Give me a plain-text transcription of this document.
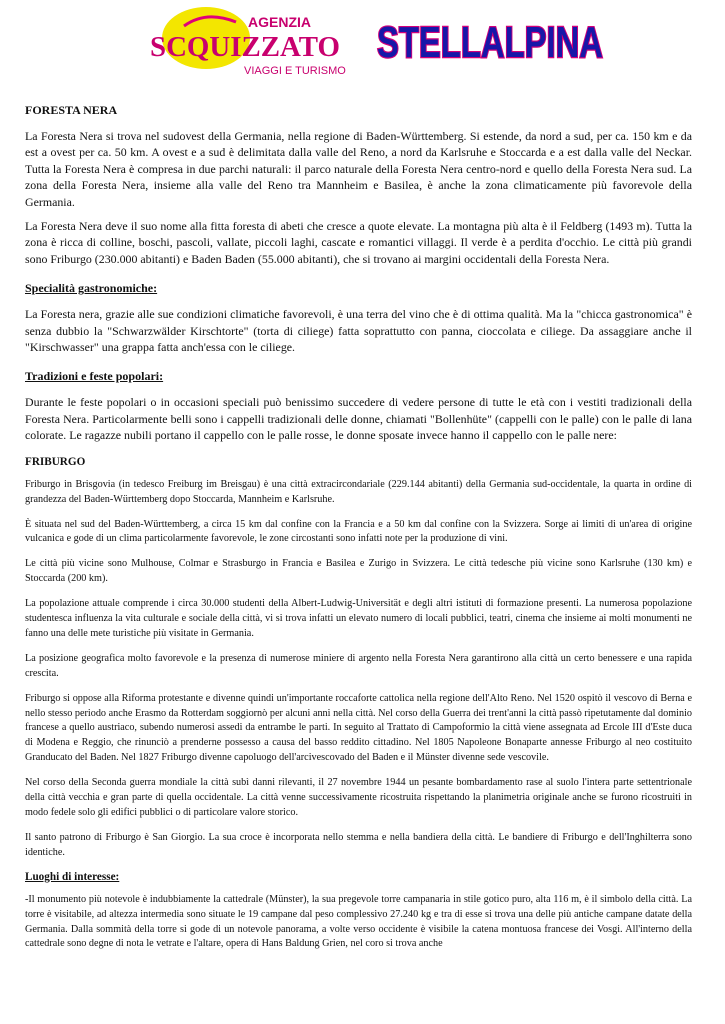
AGENZIA
SCQUIZZATO
VIAGGI E TURISMO
STELLALPINA
FORESTA NERA

La Foresta Nera si trova nel sudovest della Germania, nella regione di Baden-Württemberg. Si estende, da nord a sud, per ca. 150 km e da est a ovest per ca. 50 km. A ovest e a sud è delimitata dalla valle del Reno, a nord da Karlsruhe e Stoccarda e a est dalla valle del Neckar. Tutta la Foresta Nera è compresa in due parchi naturali: il parco naturale della Foresta Nera centro-nord e quello della Foresta Nera sud. La zona della Foresta Nera, insieme alla valle del Reno tra Mannheim e Basilea, è anche la zona climaticamente più favorevole della Germania.

La Foresta Nera deve il suo nome alla fitta foresta di abeti che cresce a quote elevate. La montagna più alta è il Feldberg (1493 m). Tutta la zona è ricca di colline, boschi, pascoli, vallate, piccoli laghi, cascate e romantici villaggi. Il verde è a perdita d'occhio. Le città più grandi sono Friburgo (230.000 abitanti) e Baden Baden (55.000 abitanti), che si trovano ai margini occidentali della Foresta Nera.

Specialità gastronomiche:

La Foresta nera, grazie alle sue condizioni climatiche favorevoli, è una terra del vino che è di ottima qualità. Ma la "chicca gastronomica" è senza dubbio la "Schwarzwälder Kirschtorte" (torta di ciliege) fatta soprattutto con panna, cioccolata e ciliege. Da assaggiare anche il "Kirschwasser" una grappa fatta anch'essa con le ciliege.

Tradizioni e feste popolari:

Durante le feste popolari o in occasioni speciali può benissimo succedere di vedere persone di tutte le età con i vestiti tradizionali della Foresta Nera. Particolarmente belli sono i cappelli tradizionali delle donne, chiamati "Bollenhüte" (cappelli con le palle) con le palle di lana colorate. Le ragazze nubili portano il cappello con le palle rosse, le donne sposate invece hanno il cappello con le palle nere:

FRIBURGO

Friburgo in Brisgovia (in tedesco Freiburg im Breisgau) è una città extracircondariale (229.144 abitanti) della Germania sud-occidentale, la quarta in ordine di grandezza del Baden-Württemberg dopo Stoccarda, Mannheim e Karlsruhe.

È situata nel sud del Baden-Württemberg, a circa 15 km dal confine con la Francia e a 50 km dal confine con la Svizzera. Sorge ai limiti di un'area di origine vulcanica e gode di un clima particolarmente favorevole, le zone circostanti sono infatti note per la produzione di vini.

Le città più vicine sono Mulhouse, Colmar e Strasburgo in Francia e Basilea e Zurigo in Svizzera. Le città tedesche più vicine sono Karlsruhe (130 km) e Stoccarda (200 km).

La popolazione attuale comprende i circa 30.000 studenti della Albert-Ludwig-Universität e degli altri istituti di formazione presenti. La numerosa popolazione studentesca influenza la vita culturale e sociale della città, vi si trova infatti un elevato numero di locali pubblici, teatri, cinema che insieme ai molti monumenti ne fanno una delle mete turistiche più visitate in Germania.

La posizione geografica molto favorevole e la presenza di numerose miniere di argento nella Foresta Nera garantirono alla città un certo benessere e una rapida crescita.

Friburgo si oppose alla Riforma protestante e divenne quindi un'importante roccaforte cattolica nella regione dell'Alto Reno. Nel 1520 ospitò il vescovo di Berna e nello stesso periodo anche Erasmo da Rotterdam soggiornò per alcuni anni nella città. Nel corso della Guerra dei trent'anni la città passò ripetutamente dal dominio francese a quello austriaco, subendo numerosi assedi da entrambe le parti. In seguito al Trattato di Campoformio la città viene assegnata ad Ercole III d'Este duca di Modena e Reggio, che rinunciò a prenderne possesso a causa del basso reddito cittadino. Nel 1805 Napoleone Bonaparte annesse Friburgo al neo costituito Granducato del Baden. Nel 1827 Friburgo divenne capoluogo dell'arcivescovado del Baden e il Münster divenne sede vescovile.

Nel corso della Seconda guerra mondiale la città subì danni rilevanti, il 27 novembre 1944 un pesante bombardamento rase al suolo l'intera parte settentrionale della città vecchia e gran parte di quella occidentale. La città venne successivamente ricostruita rispettando la planimetria originale anche se furono ricostruiti in modo fedele solo gli edifici pubblici o di particolare valore storico.

Il santo patrono di Friburgo è San Giorgio. La sua croce è incorporata nello stemma e nella bandiera della città. Le bandiere di Friburgo e dell'Inghilterra sono identiche.

Luoghi di interesse:

-Il monumento più notevole è indubbiamente la cattedrale (Münster), la sua pregevole torre campanaria in stile gotico puro, alta 116 m, è il simbolo della città. La torre è visitabile, ad altezza intermedia sono situate le 19 campane dal peso complessivo 27.240 kg e tra di esse si trova una delle più antiche campane datate della Germania. Dalla sommità della torre si gode di un notevole panorama, a volte verso occidente è visibile la catena montuosa francese dei Vosgi. All'interno della cattedrale sono degne di nota le vetrate e l'altare, opera di Hans Baldung Grien, nel coro si trova anche
